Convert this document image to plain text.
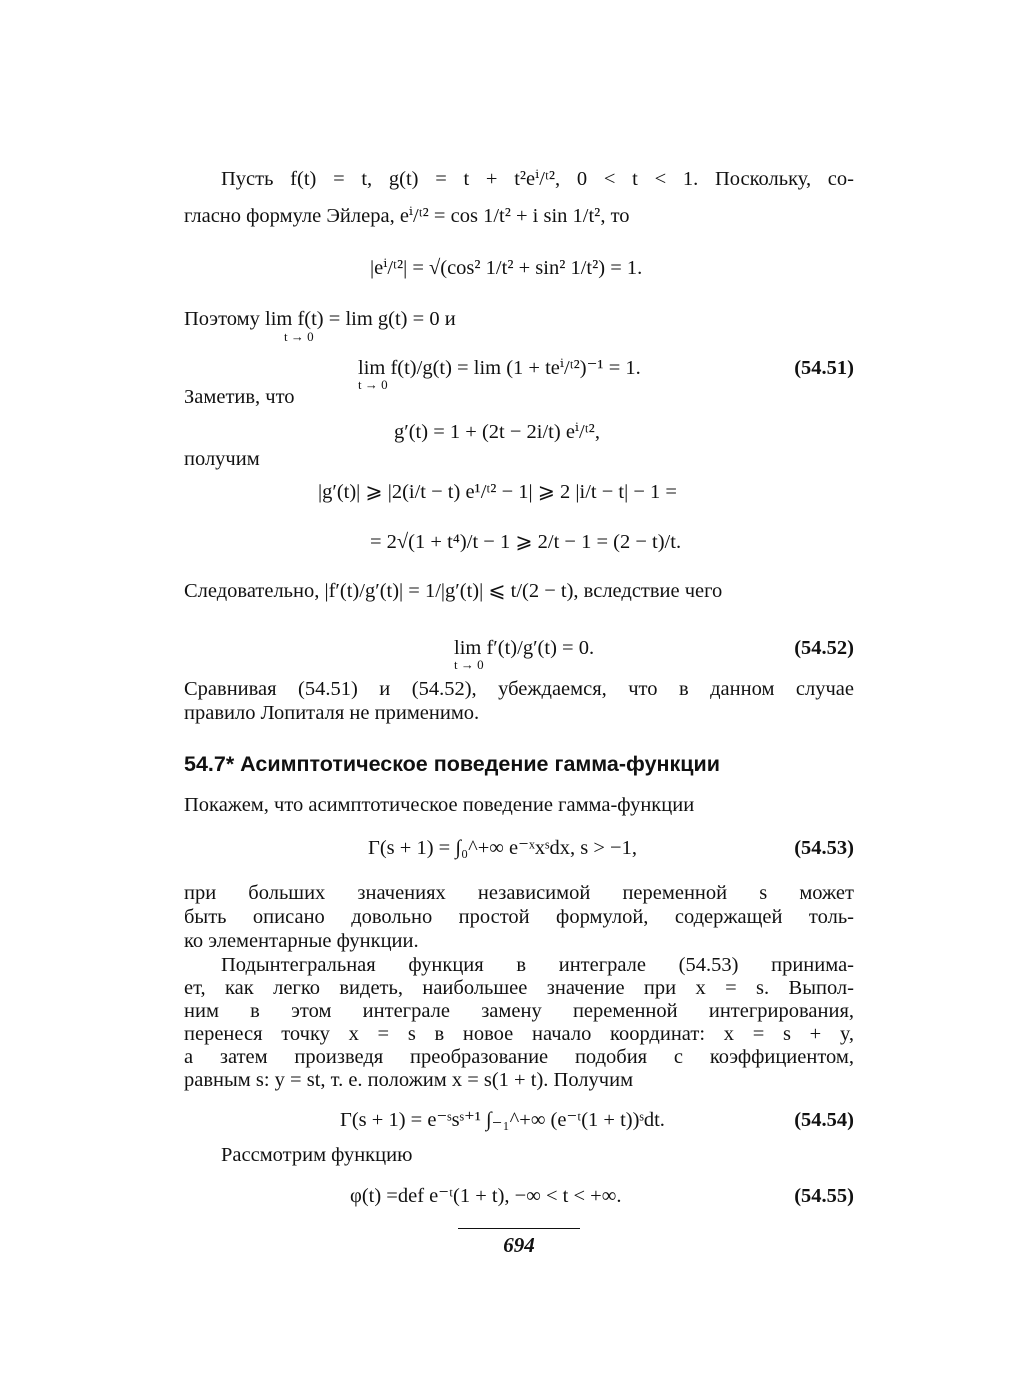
Пусть f(t) = t, g(t) = t + t²eⁱ/ᵗ², 0 < t < 1. Поскольку, со-
гласно формуле Эйлера, eⁱ/ᵗ² = cos 1/t² + i sin 1/t², то
|eⁱ/ᵗ²| = √(cos² 1/t² + sin² 1/t²) = 1.
Поэтому lim f(t) = lim g(t) = 0 и
t → 0
lim f(t)/g(t) = lim (1 + teⁱ/ᵗ²)⁻¹ = 1.
t → 0
(54.51)
Заметив, что
g′(t) = 1 + (2t − 2i/t) eⁱ/ᵗ²,
получим
|g′(t)| ⩾ |2(i/t − t) e¹/ᵗ² − 1| ⩾ 2 |i/t − t| − 1 =
= 2√(1 + t⁴)/t − 1 ⩾ 2/t − 1 = (2 − t)/t.
Следовательно, |f′(t)/g′(t)| = 1/|g′(t)| ⩽ t/(2 − t), вследствие чего
lim f′(t)/g′(t) = 0.
t → 0
(54.52)
Сравнивая (54.51) и (54.52), убеждаемся, что в данном случае
правило Лопиталя не применимо.
54.7* Асимптотическое поведение гамма-функции
Покажем, что асимптотическое поведение гамма-функции
Γ(s + 1) = ∫₀^+∞ e⁻ˣxˢdx, s > −1,	(54.53)
при больших значениях независимой переменной s может
быть описано довольно простой формулой, содержащей толь-
ко элементарные функции.
Подынтегральная функция в интеграле (54.53) принима-
ет, как легко видеть, наибольшее значение при x = s. Выпол-
ним в этом интеграле замену переменной интегрирования,
перенеся точку x = s в новое начало координат: x = s + y,
а затем произведя преобразование подобия с коэффициентом,
равным s: y = st, т. е. положим x = s(1 + t). Получим
Γ(s + 1) = e⁻ˢsˢ⁺¹ ∫₋₁^+∞ (e⁻ᵗ(1 + t))ˢdt.	(54.54)
Рассмотрим функцию
φ(t) =def e⁻ᵗ(1 + t), −∞ < t < +∞.	(54.55)
694
